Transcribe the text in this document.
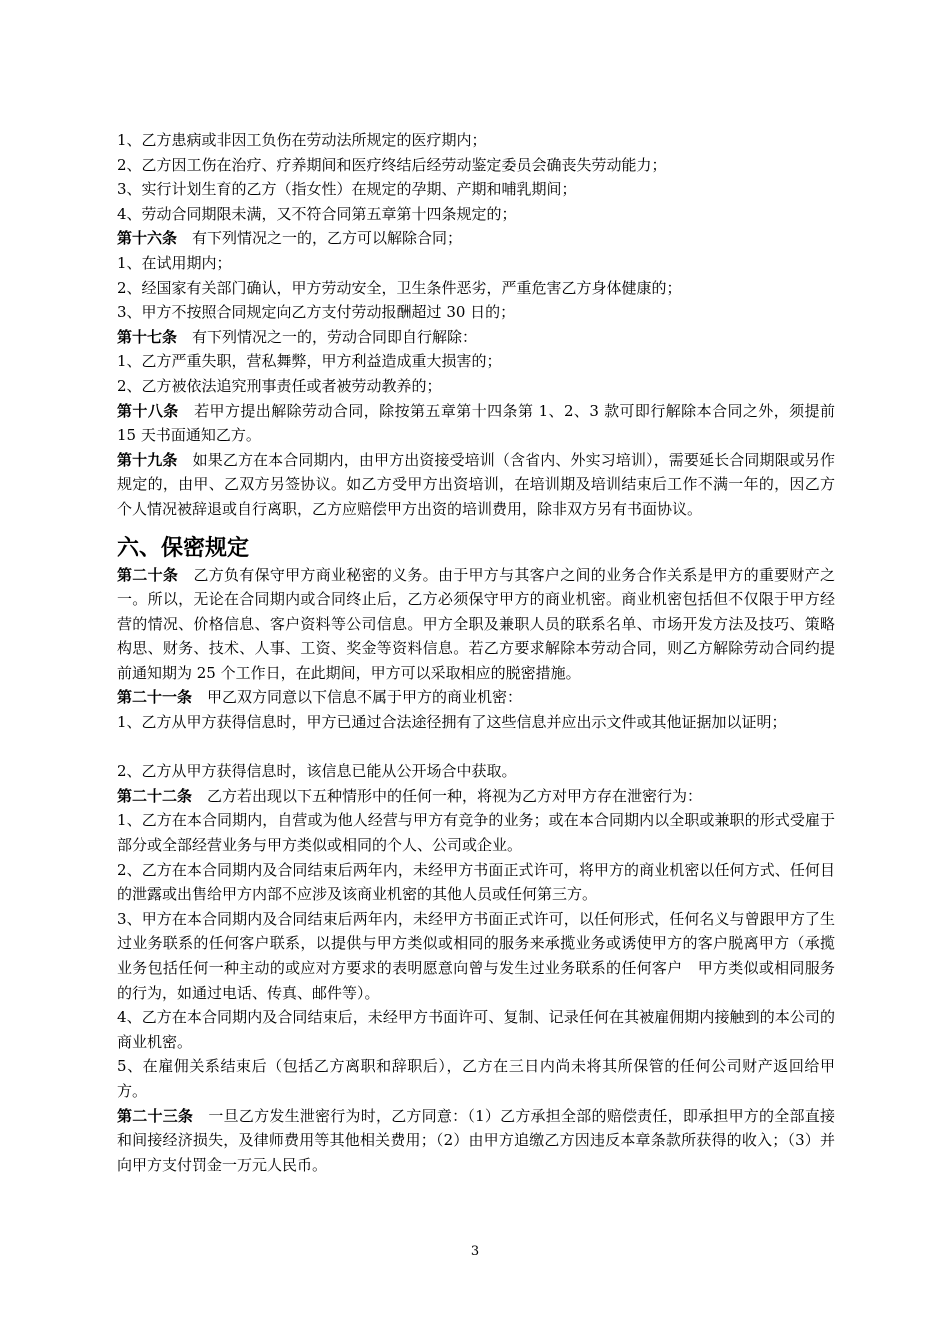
1、乙方患病或非因工负伤在劳动法所规定的医疗期内；
2、乙方因工伤在治疗、疗养期间和医疗终结后经劳动鉴定委员会确丧失劳动能力；
3、实行计划生育的乙方（指女性）在规定的孕期、产期和哺乳期间；
4、劳动合同期限未满，又不符合同第五章第十四条规定的；
第十六条　 有下列情况之一的，乙方可以解除合同；
1、在试用期内；
2、经国家有关部门确认，甲方劳动安全，卫生条件恶劣，严重危害乙方身体健康的；
3、甲方不按照合同规定向乙方支付劳动报酬超过 30 日的；
第十七条　 有下列情况之一的，劳动合同即自行解除：
1、乙方严重失职，营私舞弊，甲方利益造成重大损害的；
2、乙方被依法追究刑事责任或者被劳动教养的；
第十八条　 若甲方提出解除劳动合同，除按第五章第十四条第 1、2、3 款可即行解除本合同之外，须提前 15 天书面通知乙方。
第十九条　 如果乙方在本合同期内，由甲方出资接受培训（含省内、外实习培训），需要延长合同期限或另作规定的，由甲、乙双方另签协议。如乙方受甲方出资培训，在培训期及培训结束后工作不满一年的，因乙方个人情况被辞退或自行离职，乙方应赔偿甲方出资的培训费用，除非双方另有书面协议。
六、保密规定
第二十条　 乙方负有保守甲方商业秘密的义务。由于甲方与其客户之间的业务合作关系是甲方的重要财产之一。所以，无论在合同期内或合同终止后，乙方必须保守甲方的商业机密。商业机密包括但不仅限于甲方经营的情况、价格信息、客户资料等公司信息。甲方全职及兼职人员的联系名单、市场开发方法及技巧、策略构思、财务、技术、人事、工资、奖金等资料信息。若乙方要求解除本劳动合同，则乙方解除劳动合同约提前通知期为 25 个工作日，在此期间，甲方可以采取相应的脱密措施。
第二十一条　 甲乙双方同意以下信息不属于甲方的商业机密：
1、乙方从甲方获得信息时，甲方已通过合法途径拥有了这些信息并应出示文件或其他证据加以证明；
2、乙方从甲方获得信息时，该信息已能从公开场合中获取。
第二十二条　 乙方若出现以下五种情形中的任何一种，将视为乙方对甲方存在泄密行为：
1、乙方在本合同期内，自营或为他人经营与甲方有竞争的业务；或在本合同期内以全职或兼职的形式受雇于部分或全部经营业务与甲方类似或相同的个人、公司或企业。
2、乙方在本合同期内及合同结束后两年内，未经甲方书面正式许可，将甲方的商业机密以任何方式、任何目的泄露或出售给甲方内部不应涉及该商业机密的其他人员或任何第三方。
3、甲方在本合同期内及合同结束后两年内，未经甲方书面正式许可，以任何形式，任何名义与曾跟甲方了生过业务联系的任何客户联系，以提供与甲方类似或相同的服务来承揽业务或诱使甲方的客户脱离甲方（承揽业务包括任何一种主动的或应对方要求的表明愿意向曾与发生过业务联系的任何客户　甲方类似或相同服务的行为，如通过电话、传真、邮件等）。
4、乙方在本合同期内及合同结束后，未经甲方书面许可、复制、记录任何在其被雇佣期内接触到的本公司的商业机密。
5、在雇佣关系结束后（包括乙方离职和辞职后），乙方在三日内尚未将其所保管的任何公司财产返回给甲方。
第二十三条　 一旦乙方发生泄密行为时，乙方同意：（1）乙方承担全部的赔偿责任，即承担甲方的全部直接和间接经济损失，及律师费用等其他相关费用；（2）由甲方追缴乙方因违反本章条款所获得的收入；（3）并向甲方支付罚金一万元人民币。
3
